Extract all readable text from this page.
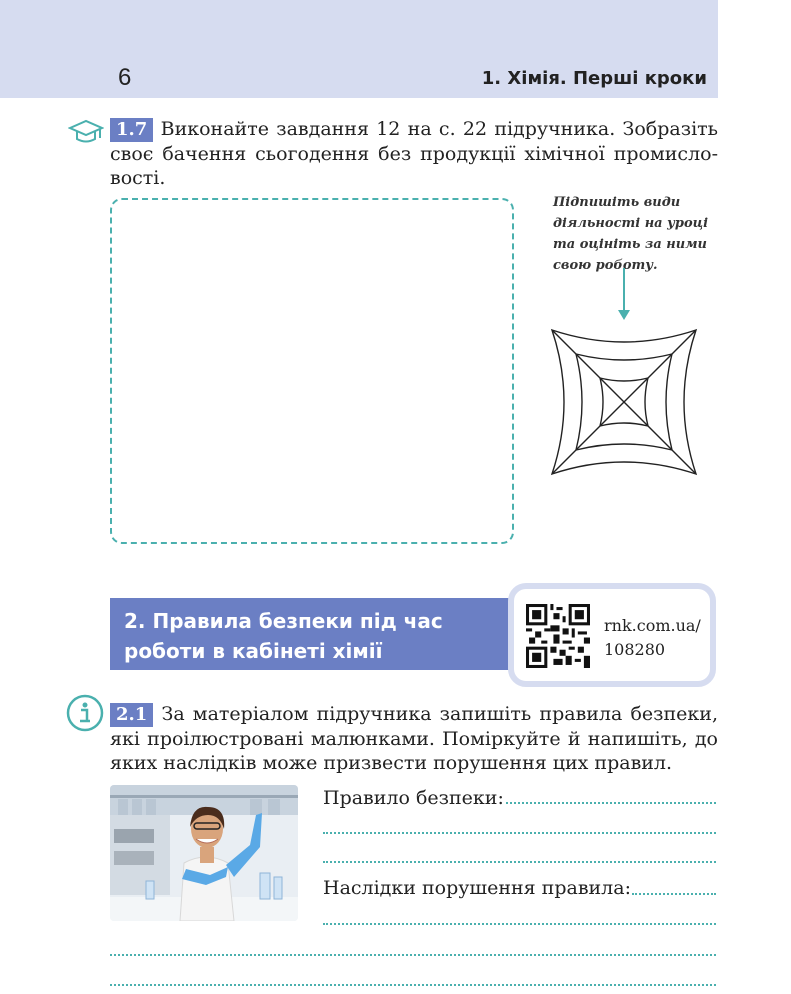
6	1. Хімія. Перші кроки
1.7 Виконайте завдання 12 на с. 22 підручника. Зобразіть своє бачення сьогодення без продукції хімічної промисловості.
Підпишіть види діяльності на уроці та оцініть за ними свою роботу.
2. Правила безпеки під час роботи в кабінеті хімії
rnk.com.ua/
108280
2.1 За матеріалом підручника запишіть правила безпеки, які проілюстровані малюнками. Поміркуйте й напишіть, до яких наслідків може призвести порушення цих правил.
Правило безпеки:
Наслідки порушення правила:
